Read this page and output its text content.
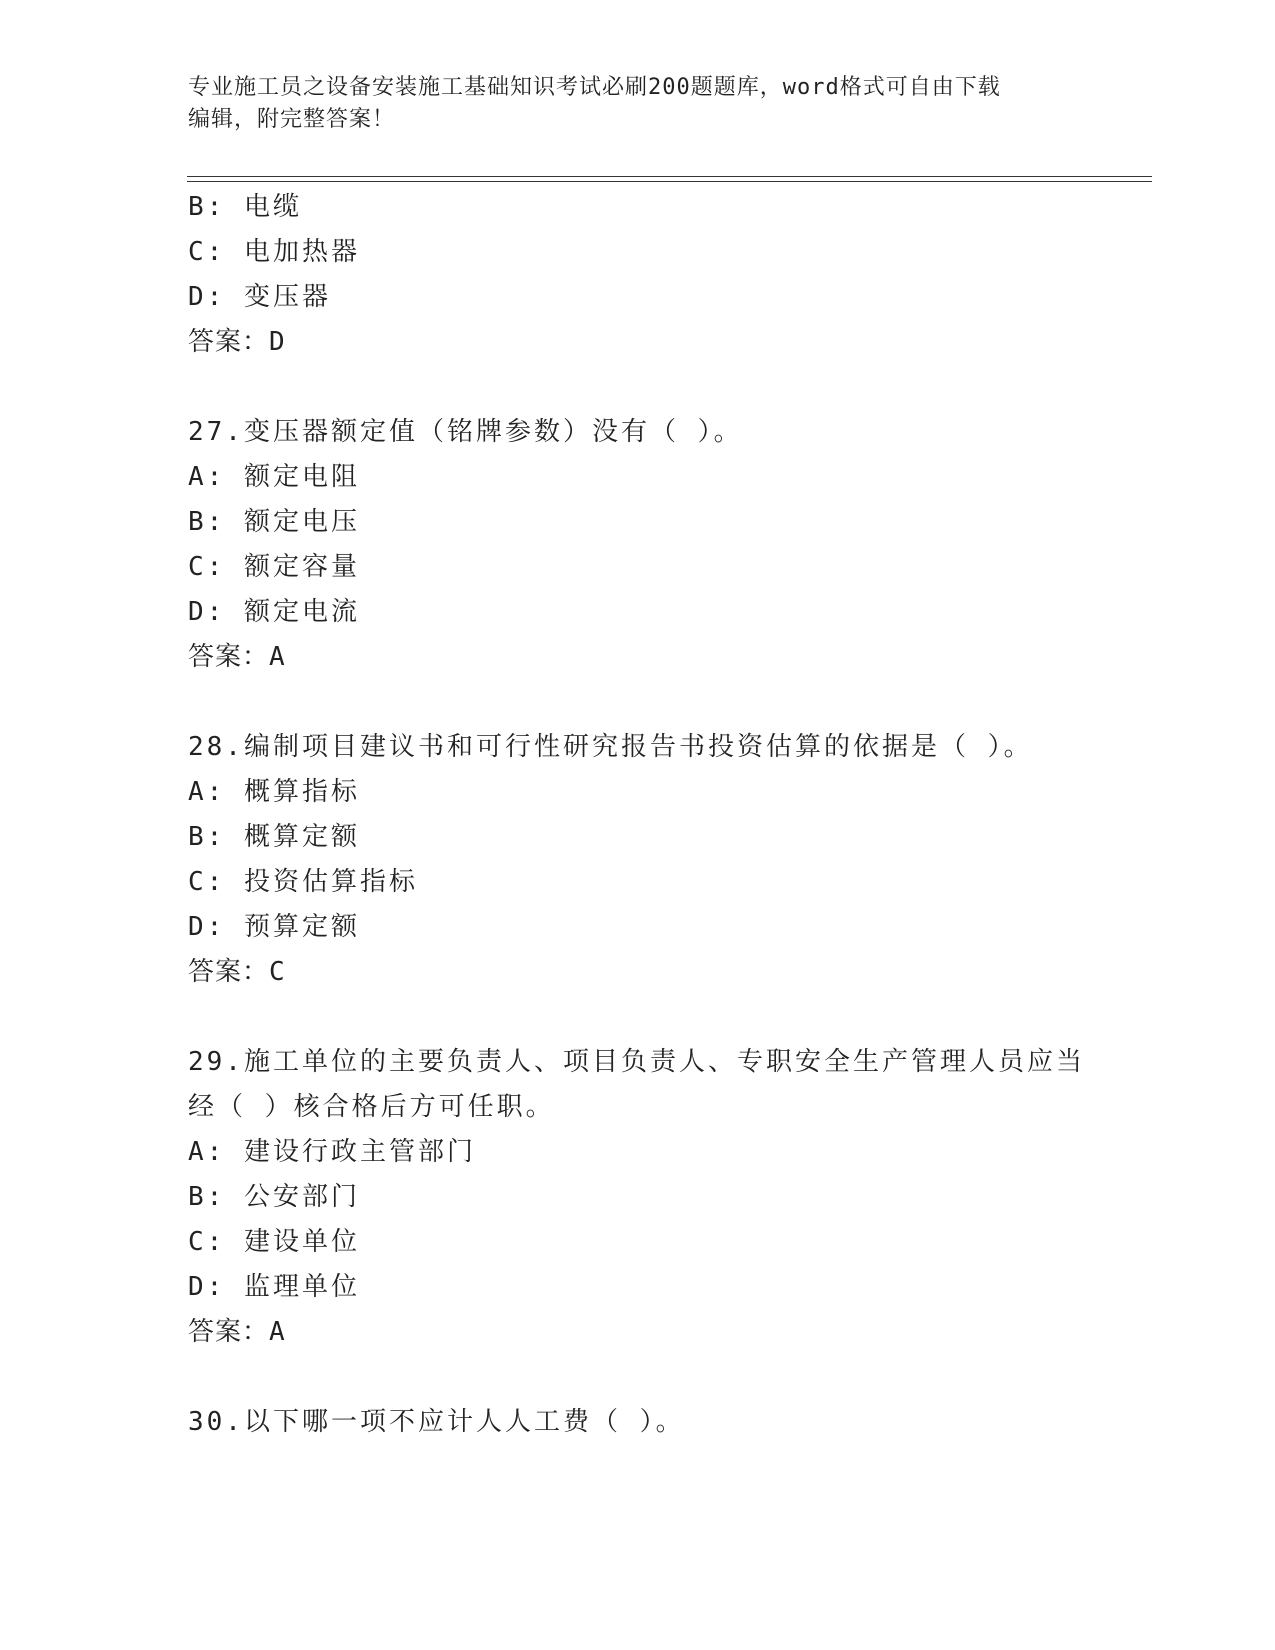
专业施工员之设备安装施工基础知识考试必刷200题题库，word格式可自由下载
编辑，附完整答案！
B: 电缆
C: 电加热器
D: 变压器
答案：D
27.变压器额定值（铭牌参数）没有（ ）。
A: 额定电阻
B: 额定电压
C: 额定容量
D: 额定电流
答案：A
28.编制项目建议书和可行性研究报告书投资估算的依据是（ ）。
A: 概算指标
B: 概算定额
C: 投资估算指标
D: 预算定额
答案：C
29.施工单位的主要负责人、项目负责人、专职安全生产管理人员应当
经（ ）核合格后方可任职。
A: 建设行政主管部门
B: 公安部门
C: 建设单位
D: 监理单位
答案：A
30.以下哪一项不应计人人工费（ ）。
